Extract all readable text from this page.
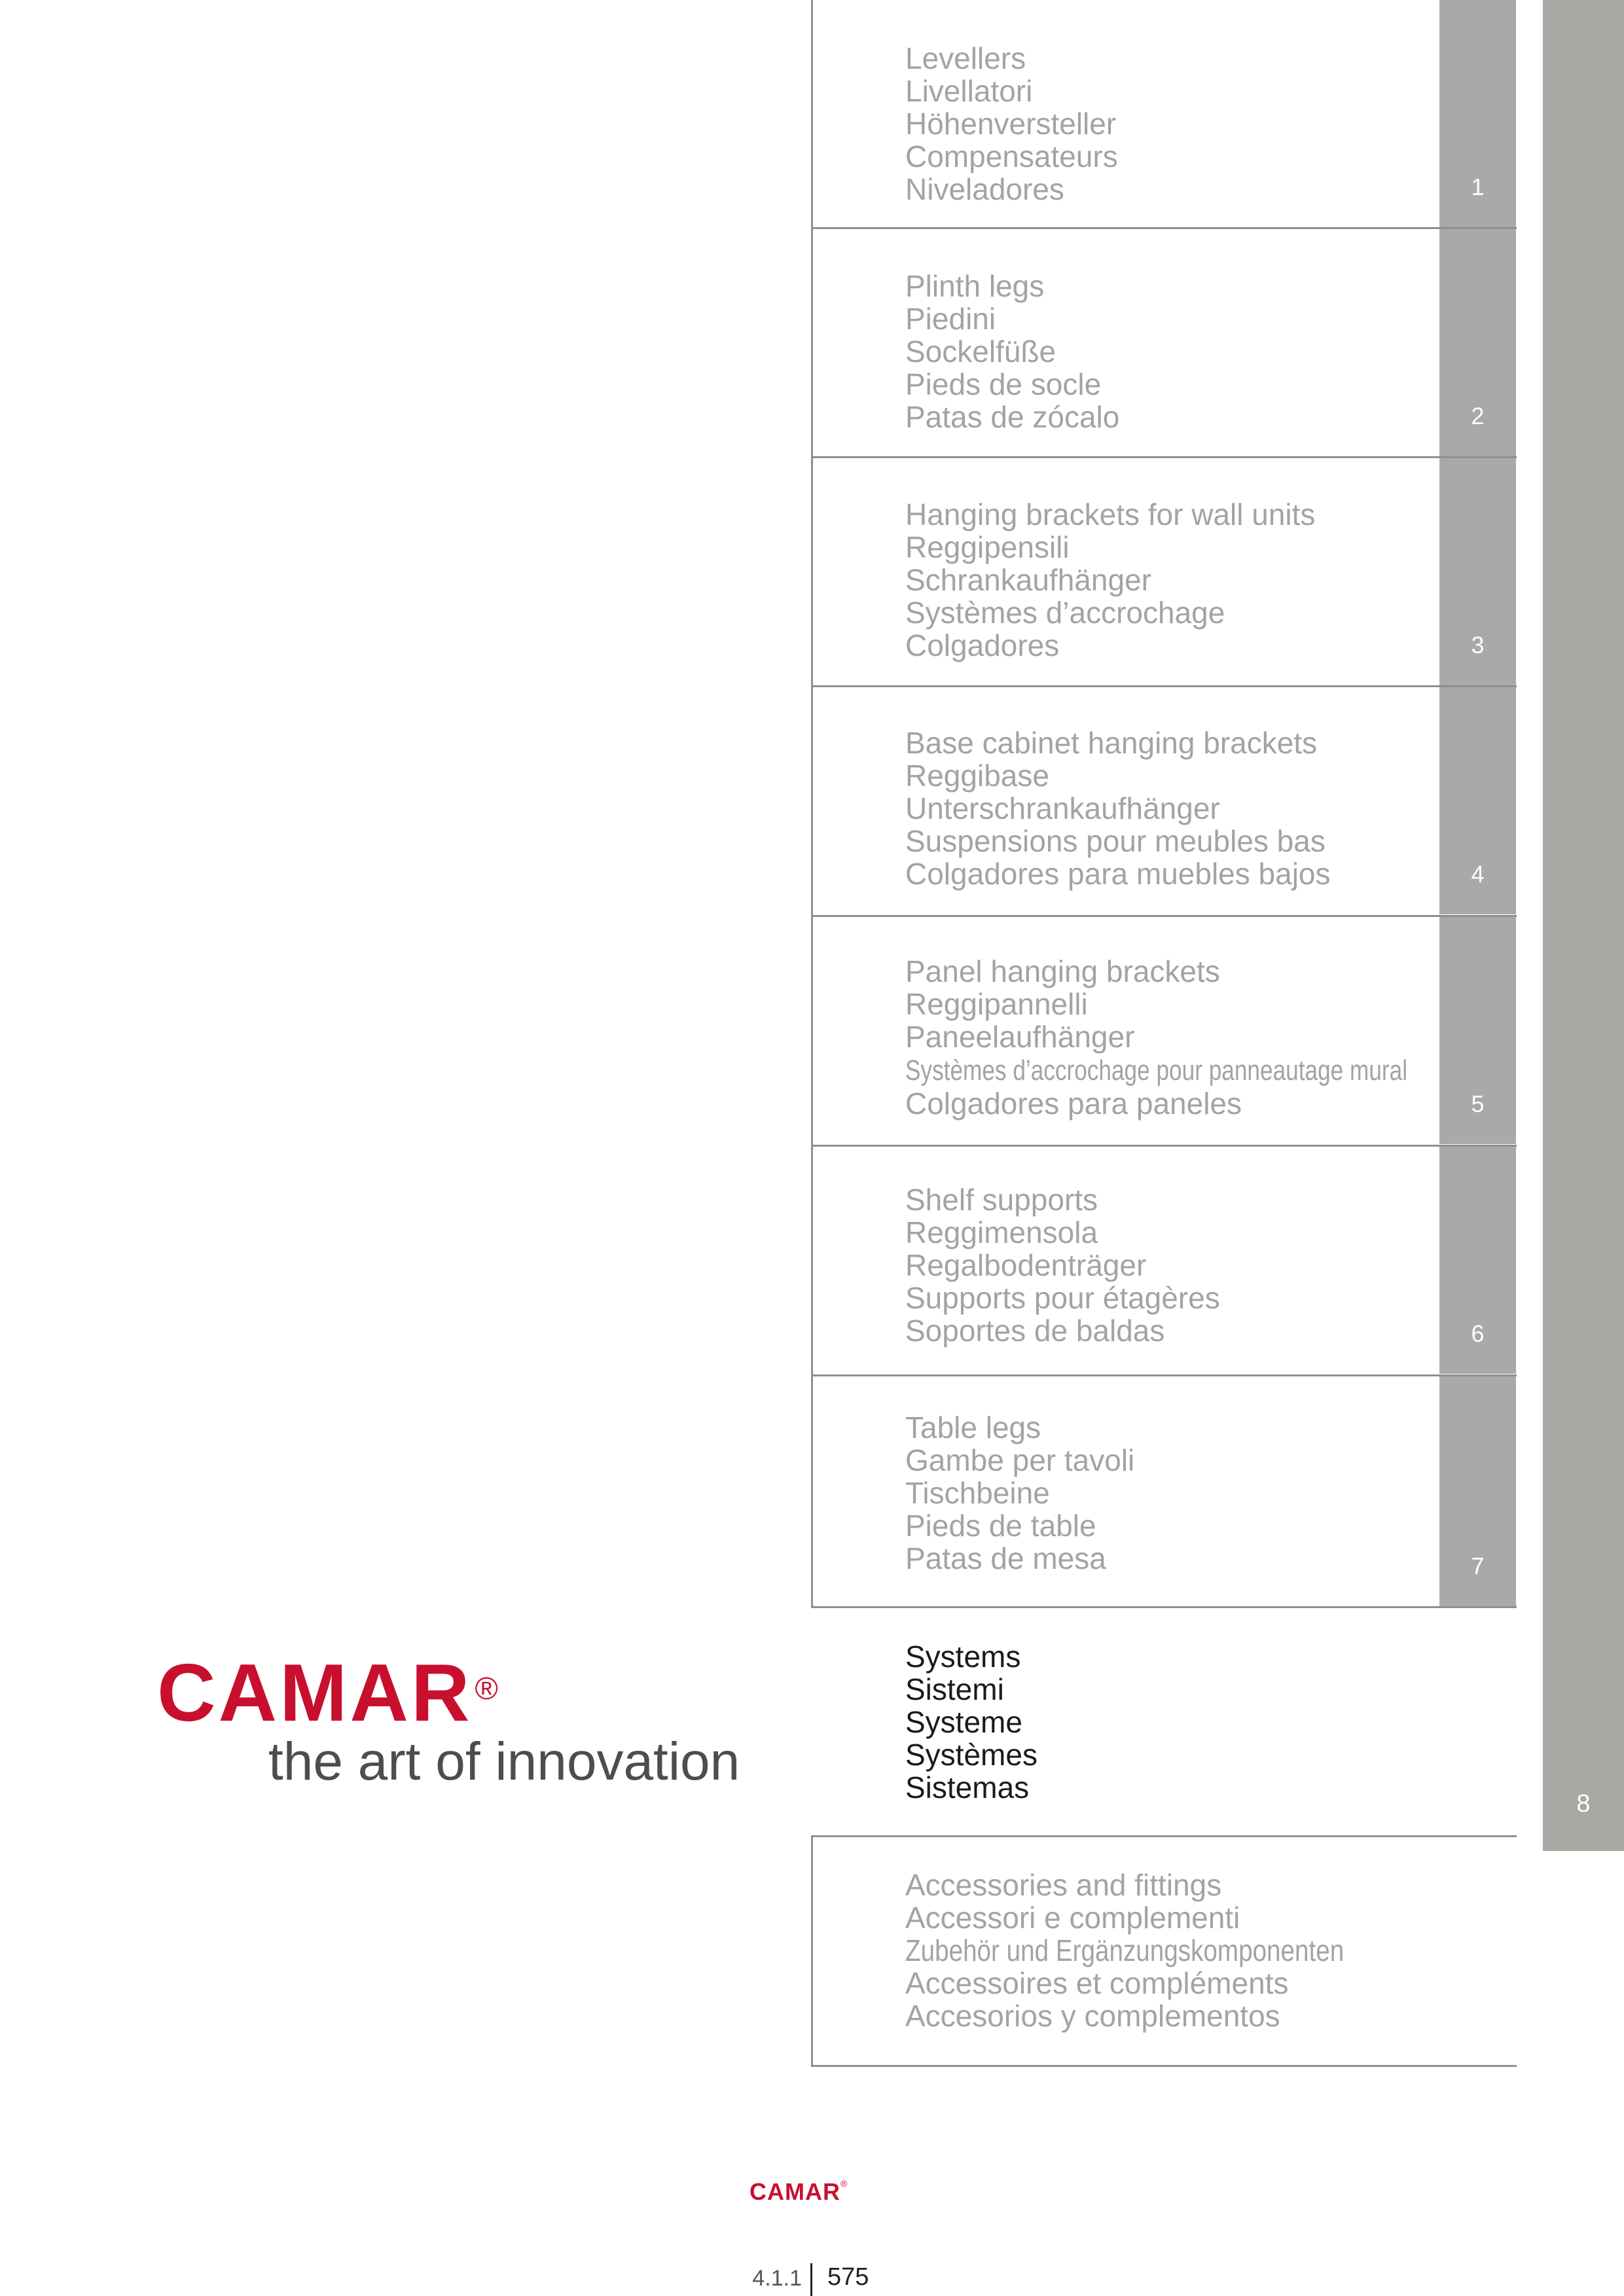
1
2
3
4
5
6
7
8
Levellers
Livellatori
Höhenversteller
Compensateurs
Niveladores
Plinth legs
Piedini
Sockelfüße
Pieds de socle
Patas de zócalo
Hanging brackets for wall units
Reggipensili
Schrankaufhänger
Systèmes d’accrochage
Colgadores
Base cabinet hanging brackets
Reggibase
Unterschrankaufhänger
Suspensions pour meubles bas
Colgadores para muebles bajos
Panel hanging brackets
Reggipannelli
Paneelaufhänger
Systèmes d’accrochage pour panneautage mural
Colgadores para paneles
Shelf supports
Reggimensola
Regalbodenträger
Supports pour étagères
Soportes de baldas
Table legs
Gambe per tavoli
Tischbeine
Pieds de table
Patas de mesa
Systems
Sistemi
Systeme
Systèmes
Sistemas
Accessories and fittings
Accessori e complementi
Zubehör und Ergänzungskomponenten
Accessoires et compléments
Accesorios y complementos
CAMAR®
the art of innovation
CAMAR®
4.1.1 575
